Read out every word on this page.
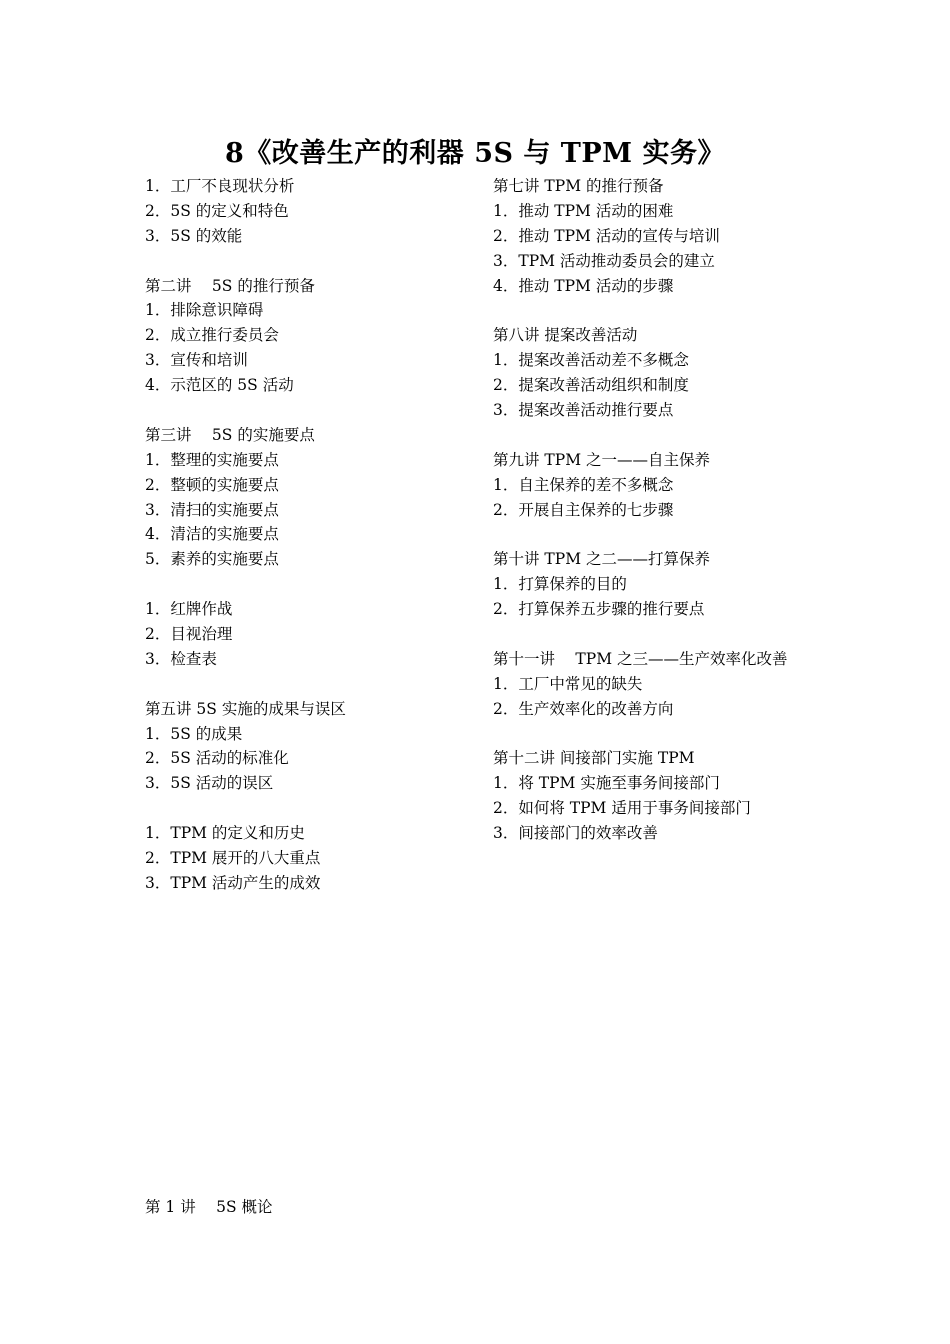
8《改善生产的利器 5S 与 TPM 实务》
1．工厂不良现状分析
2．5S 的定义和特色
3．5S 的效能
第二讲　 5S 的推行预备
1．排除意识障碍
2．成立推行委员会
3．宣传和培训
4．示范区的 5S 活动
第三讲　 5S 的实施要点
1．整理的实施要点
2．整顿的实施要点
3．清扫的实施要点
4．清洁的实施要点
5．素养的实施要点
1．红牌作战
2．目视治理
3．检查表
第五讲 5S 实施的成果与误区
1．5S 的成果
2．5S 活动的标准化
3．5S 活动的误区
1．TPM 的定义和历史
2．TPM 展开的八大重点
3．TPM 活动产生的成效
第七讲 TPM 的推行预备
1．推动 TPM 活动的困难
2．推动 TPM 活动的宣传与培训
3．TPM 活动推动委员会的建立
4．推动 TPM 活动的步骤
第八讲 提案改善活动
1．提案改善活动差不多概念
2．提案改善活动组织和制度
3．提案改善活动推行要点
第九讲 TPM 之一——自主保养
1．自主保养的差不多概念
2．开展自主保养的七步骤
第十讲 TPM 之二——打算保养
1．打算保养的目的
2．打算保养五步骤的推行要点
第十一讲　 TPM 之三——生产效率化改善
1．工厂中常见的缺失
2．生产效率化的改善方向
第十二讲 间接部门实施 TPM
1．将 TPM 实施至事务间接部门
2．如何将 TPM 适用于事务间接部门
3．间接部门的效率改善
第 1 讲　 5S 概论
